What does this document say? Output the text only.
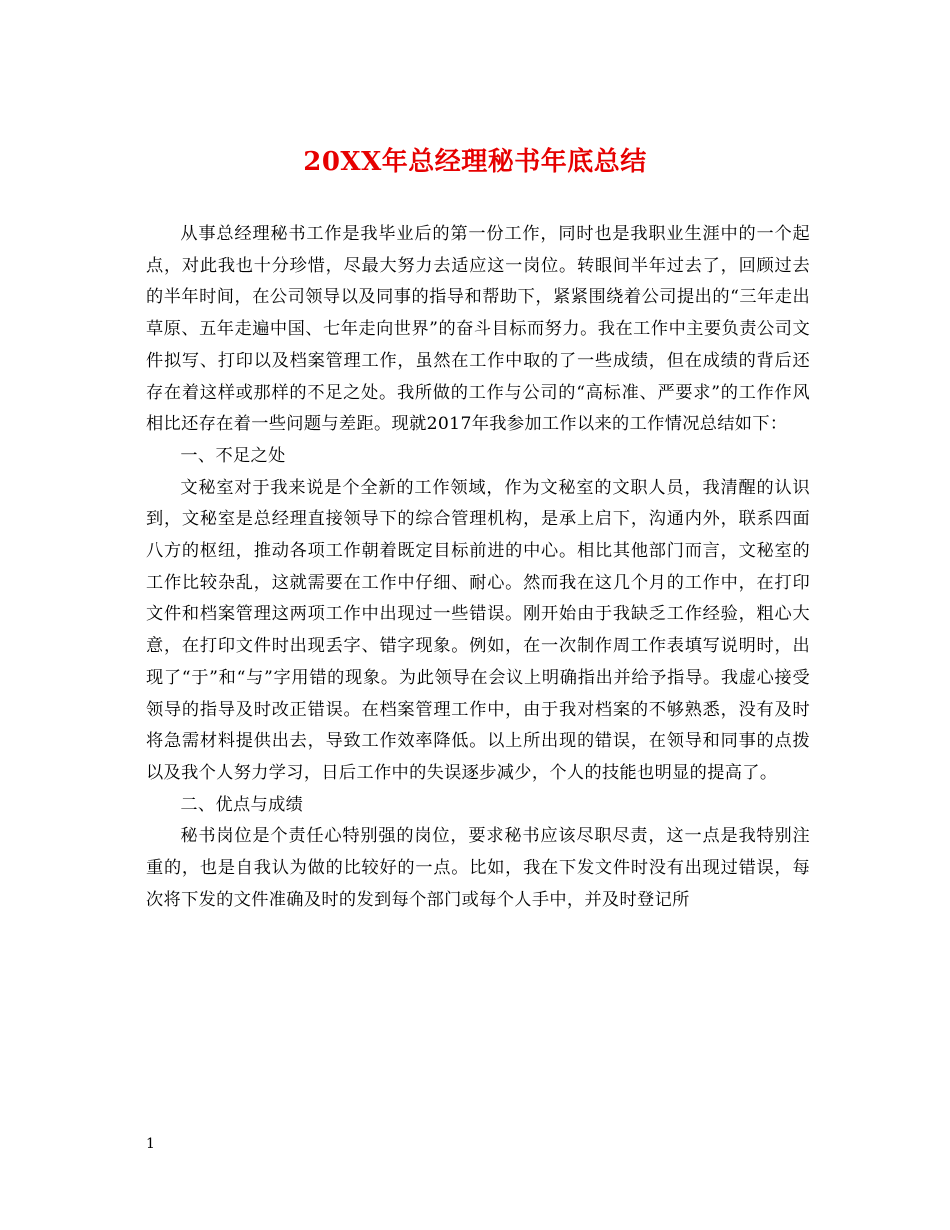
20XX年总经理秘书年底总结

从事总经理秘书工作是我毕业后的第一份工作，同时也是我职业生涯中的一个起点，对此我也十分珍惜，尽最大努力去适应这一岗位。转眼间半年过去了，回顾过去的半年时间，在公司领导以及同事的指导和帮助下，紧紧围绕着公司提出的“三年走出草原、五年走遍中国、七年走向世界”的奋斗目标而努力。我在工作中主要负责公司文件拟写、打印以及档案管理工作，虽然在工作中取的了一些成绩，但在成绩的背后还存在着这样或那样的不足之处。我所做的工作与公司的“高标准、严要求”的工作作风相比还存在着一些问题与差距。现就2017年我参加工作以来的工作情况总结如下：

一、不足之处

文秘室对于我来说是个全新的工作领域，作为文秘室的文职人员，我清醒的认识到，文秘室是总经理直接领导下的综合管理机构，是承上启下，沟通内外，联系四面八方的枢纽，推动各项工作朝着既定目标前进的中心。相比其他部门而言，文秘室的工作比较杂乱，这就需要在工作中仔细、耐心。然而我在这几个月的工作中，在打印文件和档案管理这两项工作中出现过一些错误。刚开始由于我缺乏工作经验，粗心大意，在打印文件时出现丢字、错字现象。例如，在一次制作周工作表填写说明时，出现了“于”和“与”字用错的现象。为此领导在会议上明确指出并给予指导。我虚心接受领导的指导及时改正错误。在档案管理工作中，由于我对档案的不够熟悉，没有及时将急需材料提供出去，导致工作效率降低。以上所出现的错误，在领导和同事的点拨以及我个人努力学习，日后工作中的失误逐步减少，个人的技能也明显的提高了。

二、优点与成绩

秘书岗位是个责任心特别强的岗位，要求秘书应该尽职尽责，这一点是我特别注重的，也是自我认为做的比较好的一点。比如，我在下发文件时没有出现过错误，每次将下发的文件准确及时的发到每个部门或每个人手中，并及时登记所

1
